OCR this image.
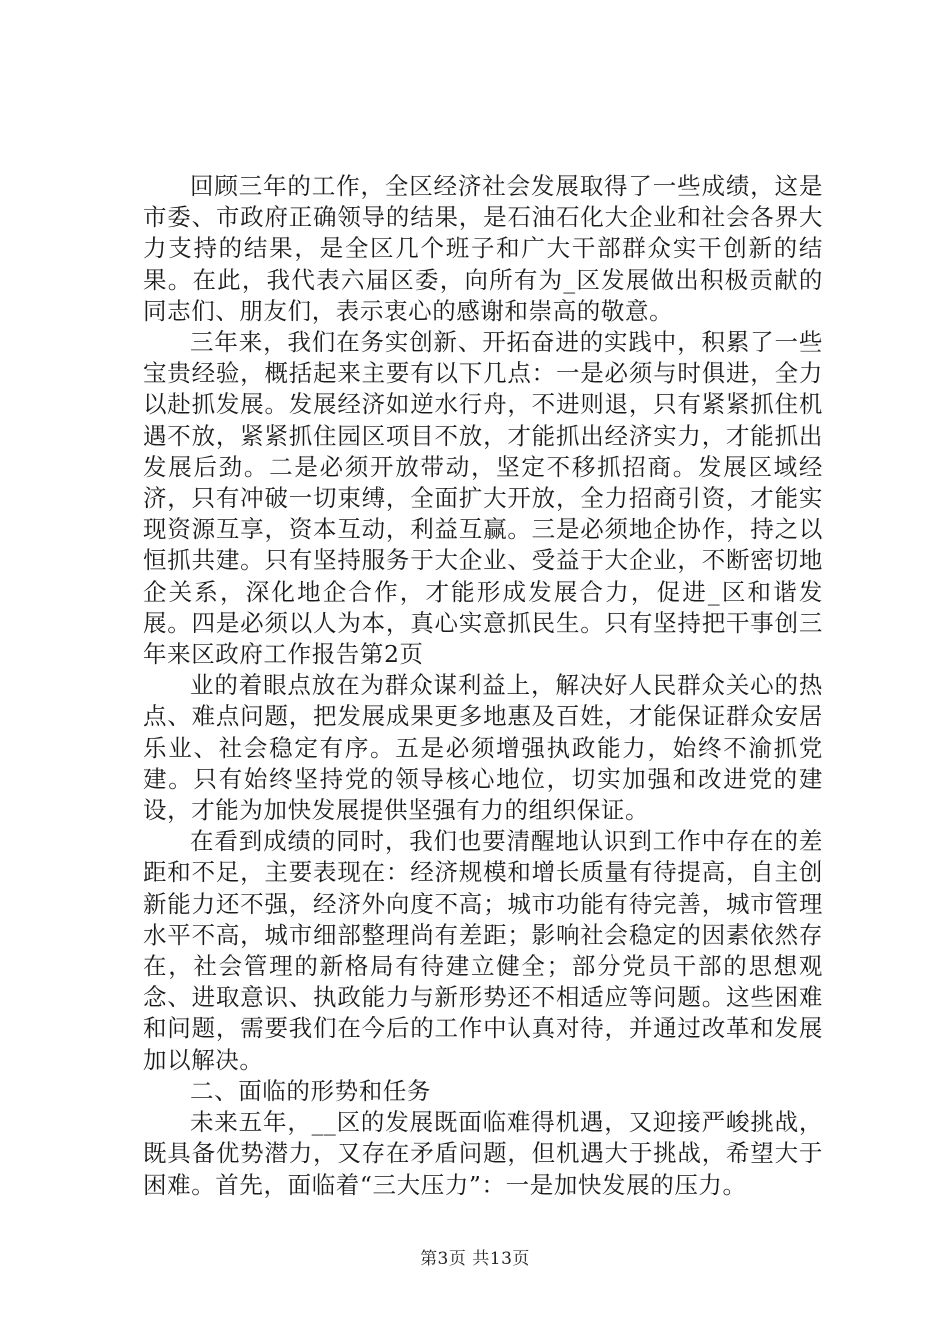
回顾三年的工作，全区经济社会发展取得了一些成绩，这是市委、市政府正确领导的结果，是石油石化大企业和社会各界大力支持的结果，是全区几个班子和广大干部群众实干创新的结果。在此，我代表六届区委，向所有为_区发展做出积极贡献的同志们、朋友们，表示衷心的感谢和崇高的敬意。

三年来，我们在务实创新、开拓奋进的实践中，积累了一些宝贵经验，概括起来主要有以下几点：一是必须与时俱进，全力以赴抓发展。发展经济如逆水行舟，不进则退，只有紧紧抓住机遇不放，紧紧抓住园区项目不放，才能抓出经济实力，才能抓出发展后劲。二是必须开放带动，坚定不移抓招商。发展区域经济，只有冲破一切束缚，全面扩大开放，全力招商引资，才能实现资源互享，资本互动，利益互赢。三是必须地企协作，持之以恒抓共建。只有坚持服务于大企业、受益于大企业，不断密切地企关系，深化地企合作，才能形成发展合力，促进_区和谐发展。四是必须以人为本，真心实意抓民生。只有坚持把干事创三年来区政府工作报告第2页

业的着眼点放在为群众谋利益上，解决好人民群众关心的热点、难点问题，把发展成果更多地惠及百姓，才能保证群众安居乐业、社会稳定有序。五是必须增强执政能力，始终不渝抓党建。只有始终坚持党的领导核心地位，切实加强和改进党的建设，才能为加快发展提供坚强有力的组织保证。

在看到成绩的同时，我们也要清醒地认识到工作中存在的差距和不足，主要表现在：经济规模和增长质量有待提高，自主创新能力还不强，经济外向度不高；城市功能有待完善，城市管理水平不高，城市细部整理尚有差距；影响社会稳定的因素依然存在，社会管理的新格局有待建立健全；部分党员干部的思想观念、进取意识、执政能力与新形势还不相适应等问题。这些困难和问题，需要我们在今后的工作中认真对待，并通过改革和发展加以解决。

二、面临的形势和任务

未来五年，__区的发展既面临难得机遇，又迎接严峻挑战，既具备优势潜力，又存在矛盾问题，但机遇大于挑战，希望大于困难。首先，面临着“三大压力”：一是加快发展的压力。

第3页 共13页
